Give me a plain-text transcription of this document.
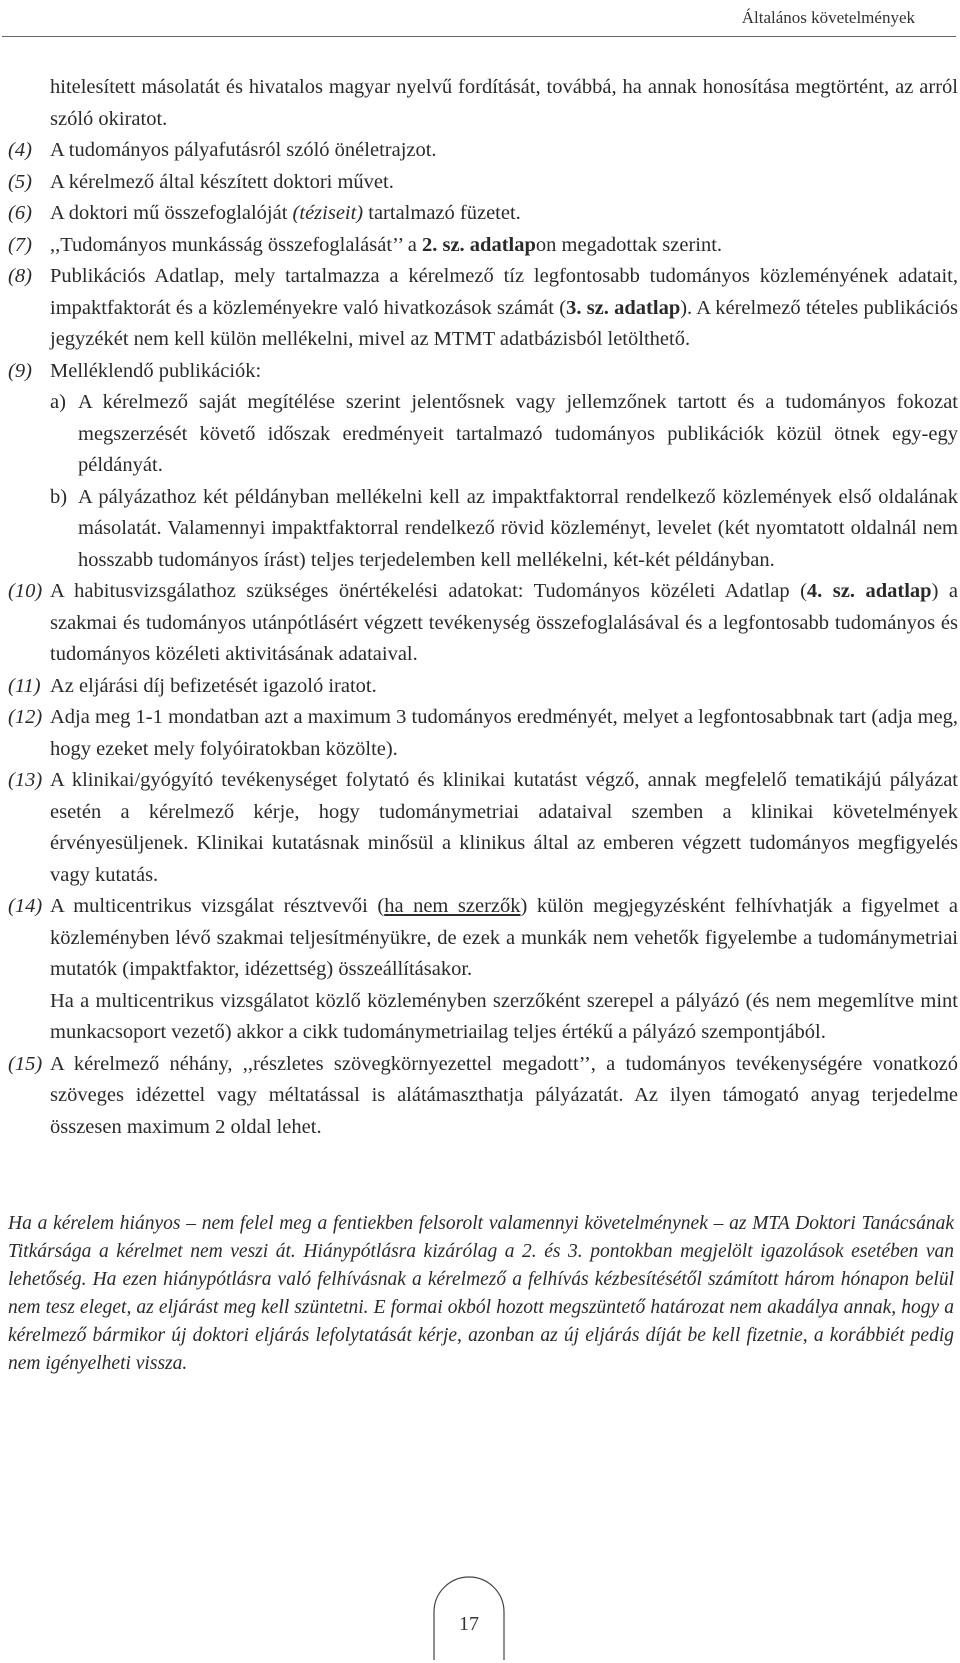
Általános követelmények
hitelesített másolatát és hivatalos magyar nyelvű fordítását, továbbá, ha annak honosítása megtörtént, az arról szóló okiratot.
(4) A tudományos pályafutásról szóló önéletrajzot.
(5) A kérelmező által készített doktori művet.
(6) A doktori mű összefoglalóját (téziseit) tartalmazó füzetet.
(7) ,,Tudományos munkásság összefoglalását’’ a 2. sz. adatlapon megadottak szerint.
(8) Publikációs Adatlap, mely tartalmazza a kérelmező tíz legfontosabb tudományos közleményének adatait, impaktfaktorát és a közleményekre való hivatkozások számát (3. sz. adatlap). A kérelmező tételes publikációs jegyzékét nem kell külön mellékelni, mivel az MTMT adatbázisból letölthető.
(9) Melléklendő publikációk:
a) A kérelmező saját megítélése szerint jelentősnek vagy jellemzőnek tartott és a tudományos fokozat megszerzését követő időszak eredményeit tartalmazó tudományos publikációk közül ötnek egy-egy példányát.
b) A pályázathoz két példányban mellékelni kell az impaktfaktorral rendelkező közlemények első oldalának másolatát. Valamennyi impaktfaktorral rendelkező rövid közleményt, levelet (két nyomtatott oldalnál nem hosszabb tudományos írást) teljes terjedelemben kell mellékelni, két-két példányban.
(10) A habitusvizsgálathoz szükséges önértékelési adatokat: Tudományos közéleti Adatlap (4. sz. adatlap) a szakmai és tudományos utánpótlásért végzett tevékenység összefoglalásával és a legfontosabb tudományos és tudományos közéleti aktivitásának adataival.
(11) Az eljárási díj befizetését igazoló iratot.
(12) Adja meg 1-1 mondatban azt a maximum 3 tudományos eredményét, melyet a legfontosabbnak tart (adja meg, hogy ezeket mely folyóiratokban közölte).
(13) A klinikai/gyógyító tevékenységet folytató és klinikai kutatást végző, annak megfelelő tematikájú pályázat esetén a kérelmező kérje, hogy tudománymetriai adataival szemben a klinikai követelmények érvényesüljenek. Klinikai kutatásnak minősül a klinikus által az emberen végzett tudományos megfigyelés vagy kutatás.
(14) A multicentrikus vizsgálat résztvevői (ha nem szerzők) külön megjegyzésként felhívhatják a figyelmet a közleményben lévő szakmai teljesítményükre, de ezek a munkák nem vehetők figyelembe a tudománymetriai mutatók (impaktfaktor, idézettség) összeállításakor.
Ha a multicentrikus vizsgálatot közlő közleményben szerzőként szerepel a pályázó (és nem megemlítve mint munkacsoport vezető) akkor a cikk tudománymetriailag teljes értékű a pályázó szempontjából.
(15) A kérelmező néhány, ,,részletes szövegkörnyezettel megadott’’, a tudományos tevékenységére vonatkozó szöveges idézettel vagy méltatással is alátámaszthatja pályázatát. Az ilyen támogató anyag terjedelme összesen maximum 2 oldal lehet.
Ha a kérelem hiányos – nem felel meg a fentiekben felsorolt valamennyi követelménynek – az MTA Doktori Tanácsának Titkársága a kérelmet nem veszi át. Hiánypótlásra kizárólag a 2. és 3. pontokban megjelölt igazolások esetében van lehetőség. Ha ezen hiánypótlásra való felhívásnak a kérelmező a felhívás kézbesítésétől számított három hónapon belül nem tesz eleget, az eljárást meg kell szüntetni. E formai okból hozott megszüntető határozat nem akadálya annak, hogy a kérelmező bármikor új doktori eljárás lefolytatását kérje, azonban az új eljárás díját be kell fizetnie, a korábbiét pedig nem igényelheti vissza.
17
